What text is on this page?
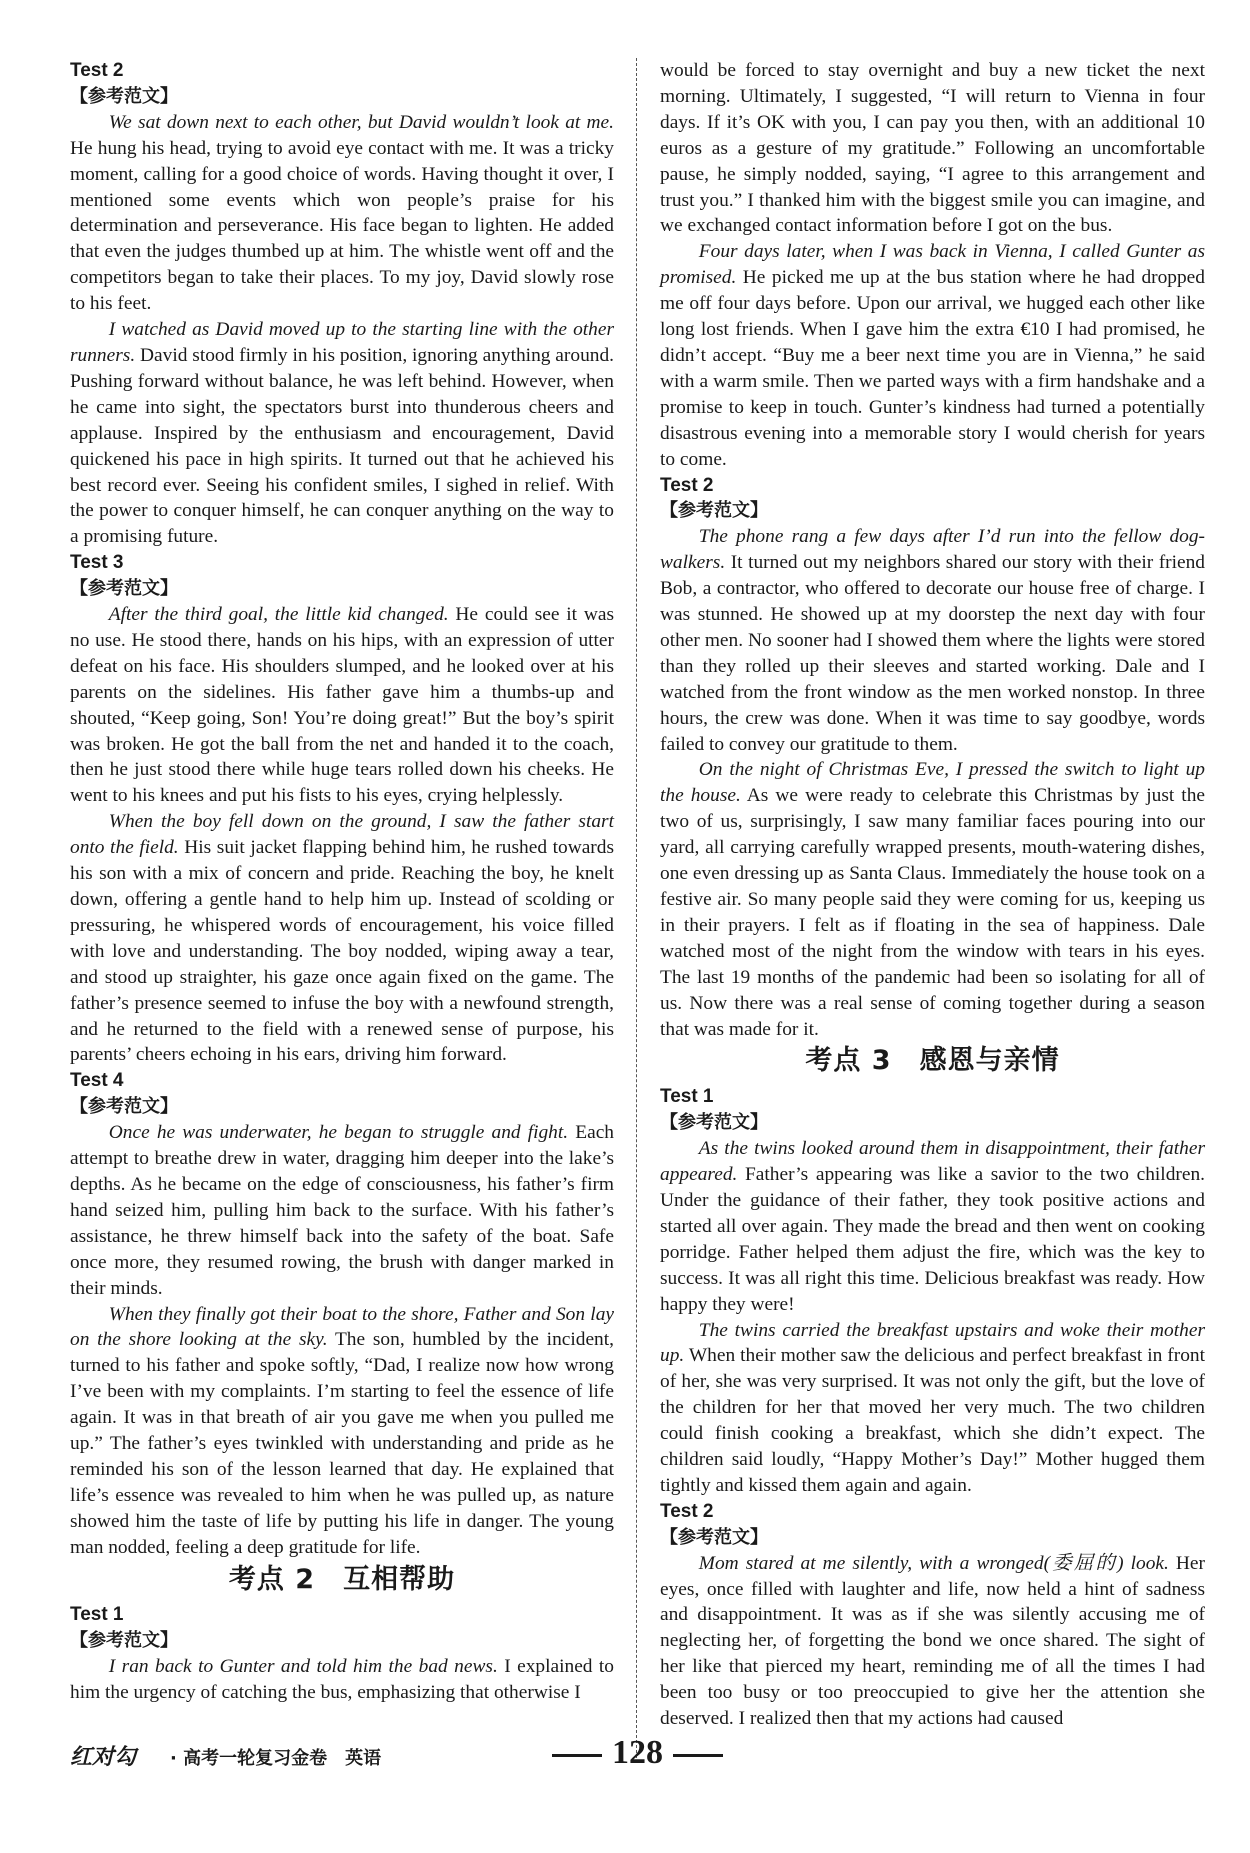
Test 2
【参考范文】

We sat down next to each other, but David wouldn’t look at me. He hung his head, trying to avoid eye contact with me. It was a tricky moment, calling for a good choice of words. Having thought it over, I mentioned some events which won people’s praise for his determination and perseverance. His face began to lighten. He added that even the judges thumbed up at him. The whistle went off and the competitors began to take their places. To my joy, David slowly rose to his feet.

I watched as David moved up to the starting line with the other runners. David stood firmly in his position, ignoring anything around. Pushing forward without balance, he was left behind. However, when he came into sight, the spectators burst into thunderous cheers and applause. Inspired by the enthusiasm and encouragement, David quickened his pace in high spirits. It turned out that he achieved his best record ever. Seeing his confident smiles, I sighed in relief. With the power to conquer himself, he can conquer anything on the way to a promising future.

Test 3
【参考范文】

After the third goal, the little kid changed. He could see it was no use. He stood there, hands on his hips, with an expression of utter defeat on his face. His shoulders slumped, and he looked over at his parents on the sidelines. His father gave him a thumbs-up and shouted, “Keep going, Son! You’re doing great!” But the boy’s spirit was broken. He got the ball from the net and handed it to the coach, then he just stood there while huge tears rolled down his cheeks. He went to his knees and put his fists to his eyes, crying helplessly.

When the boy fell down on the ground, I saw the father start onto the field. His suit jacket flapping behind him, he rushed towards his son with a mix of concern and pride. Reaching the boy, he knelt down, offering a gentle hand to help him up. Instead of scolding or pressuring, he whispered words of encouragement, his voice filled with love and understanding. The boy nodded, wiping away a tear, and stood up straighter, his gaze once again fixed on the game. The father’s presence seemed to infuse the boy with a newfound strength, and he returned to the field with a renewed sense of purpose, his parents’ cheers echoing in his ears, driving him forward.

Test 4
【参考范文】

Once he was underwater, he began to struggle and fight. Each attempt to breathe drew in water, dragging him deeper into the lake’s depths. As he became on the edge of consciousness, his father’s firm hand seized him, pulling him back to the surface. With his father’s assistance, he threw himself back into the safety of the boat. Safe once more, they resumed rowing, the brush with danger marked in their minds.

When they finally got their boat to the shore, Father and Son lay on the shore looking at the sky. The son, humbled by the incident, turned to his father and spoke softly, “Dad, I realize now how wrong I’ve been with my complaints. I’m starting to feel the essence of life again. It was in that breath of air you gave me when you pulled me up.” The father’s eyes twinkled with understanding and pride as he reminded his son of the lesson learned that day. He explained that life’s essence was revealed to him when he was pulled up, as nature showed him the taste of life by putting his life in danger. The young man nodded, feeling a deep gratitude for life.

考点 2　互相帮助
Test 1
【参考范文】

I ran back to Gunter and told him the bad news. I explained to him the urgency of catching the bus, emphasizing that otherwise I

would be forced to stay overnight and buy a new ticket the next morning. Ultimately, I suggested, “I will return to Vienna in four days. If it’s OK with you, I can pay you then, with an additional 10 euros as a gesture of my gratitude.” Following an uncomfortable pause, he simply nodded, saying, “I agree to this arrangement and trust you.” I thanked him with the biggest smile you can imagine, and we exchanged contact information before I got on the bus.

Four days later, when I was back in Vienna, I called Gunter as promised. He picked me up at the bus station where he had dropped me off four days before. Upon our arrival, we hugged each other like long lost friends. When I gave him the extra €10 I had promised, he didn’t accept. “Buy me a beer next time you are in Vienna,” he said with a warm smile. Then we parted ways with a firm handshake and a promise to keep in touch. Gunter’s kindness had turned a potentially disastrous evening into a memorable story I would cherish for years to come.

Test 2
【参考范文】

The phone rang a few days after I’d run into the fellow dog-walkers. It turned out my neighbors shared our story with their friend Bob, a contractor, who offered to decorate our house free of charge. I was stunned. He showed up at my doorstep the next day with four other men. No sooner had I showed them where the lights were stored than they rolled up their sleeves and started working. Dale and I watched from the front window as the men worked nonstop. In three hours, the crew was done. When it was time to say goodbye, words failed to convey our gratitude to them.

On the night of Christmas Eve, I pressed the switch to light up the house. As we were ready to celebrate this Christmas by just the two of us, surprisingly, I saw many familiar faces pouring into our yard, all carrying carefully wrapped presents, mouth-watering dishes, one even dressing up as Santa Claus. Immediately the house took on a festive air. So many people said they were coming for us, keeping us in their prayers. I felt as if floating in the sea of happiness. Dale watched most of the night from the window with tears in his eyes. The last 19 months of the pandemic had been so isolating for all of us. Now there was a real sense of coming together during a season that was made for it.

考点 3　感恩与亲情
Test 1
【参考范文】

As the twins looked around them in disappointment, their father appeared. Father’s appearing was like a savior to the two children. Under the guidance of their father, they took positive actions and started all over again. They made the bread and then went on cooking porridge. Father helped them adjust the fire, which was the key to success. It was all right this time. Delicious breakfast was ready. How happy they were!

The twins carried the breakfast upstairs and woke their mother up. When their mother saw the delicious and perfect breakfast in front of her, she was very surprised. It was not only the gift, but the love of the children for her that moved her very much. The two children could finish cooking a breakfast, which she didn’t expect. The children said loudly, “Happy Mother’s Day!” Mother hugged them tightly and kissed them again and again.

Test 2
【参考范文】

Mom stared at me silently, with a wronged(委屈的) look. Her eyes, once filled with laughter and life, now held a hint of sadness and disappointment. It was as if she was silently accusing me of neglecting her, of forgetting the bond we once shared. The sight of her like that pierced my heart, reminding me of all the times I had been too busy or too preoccupied to give her the attention she deserved. I realized then that my actions had caused

红对勾 · 高考一轮复习金卷　英语	128
